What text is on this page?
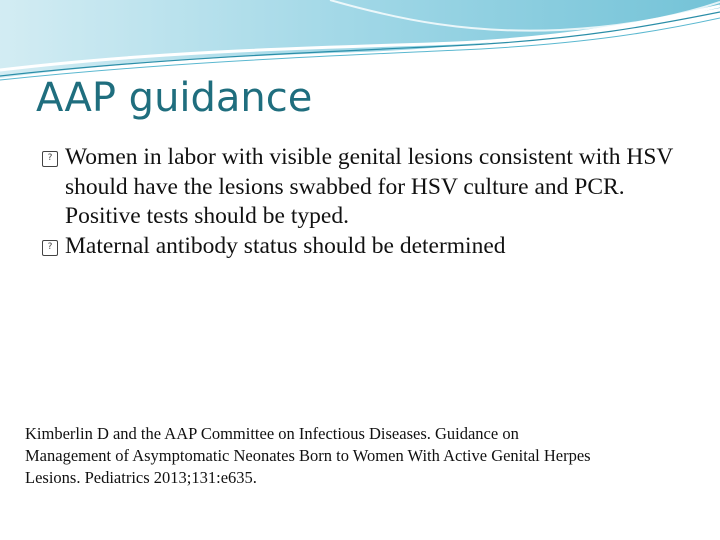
AAP guidance
? Women in labor with visible genital lesions consistent with HSV should have the lesions swabbed for HSV culture and PCR. Positive tests should be typed.
? Maternal antibody status should be determined

Kimberlin D and the AAP Committee on Infectious Diseases. Guidance on Management of Asymptomatic Neonates Born to Women With Active Genital Herpes Lesions. Pediatrics 2013;131:e635.
